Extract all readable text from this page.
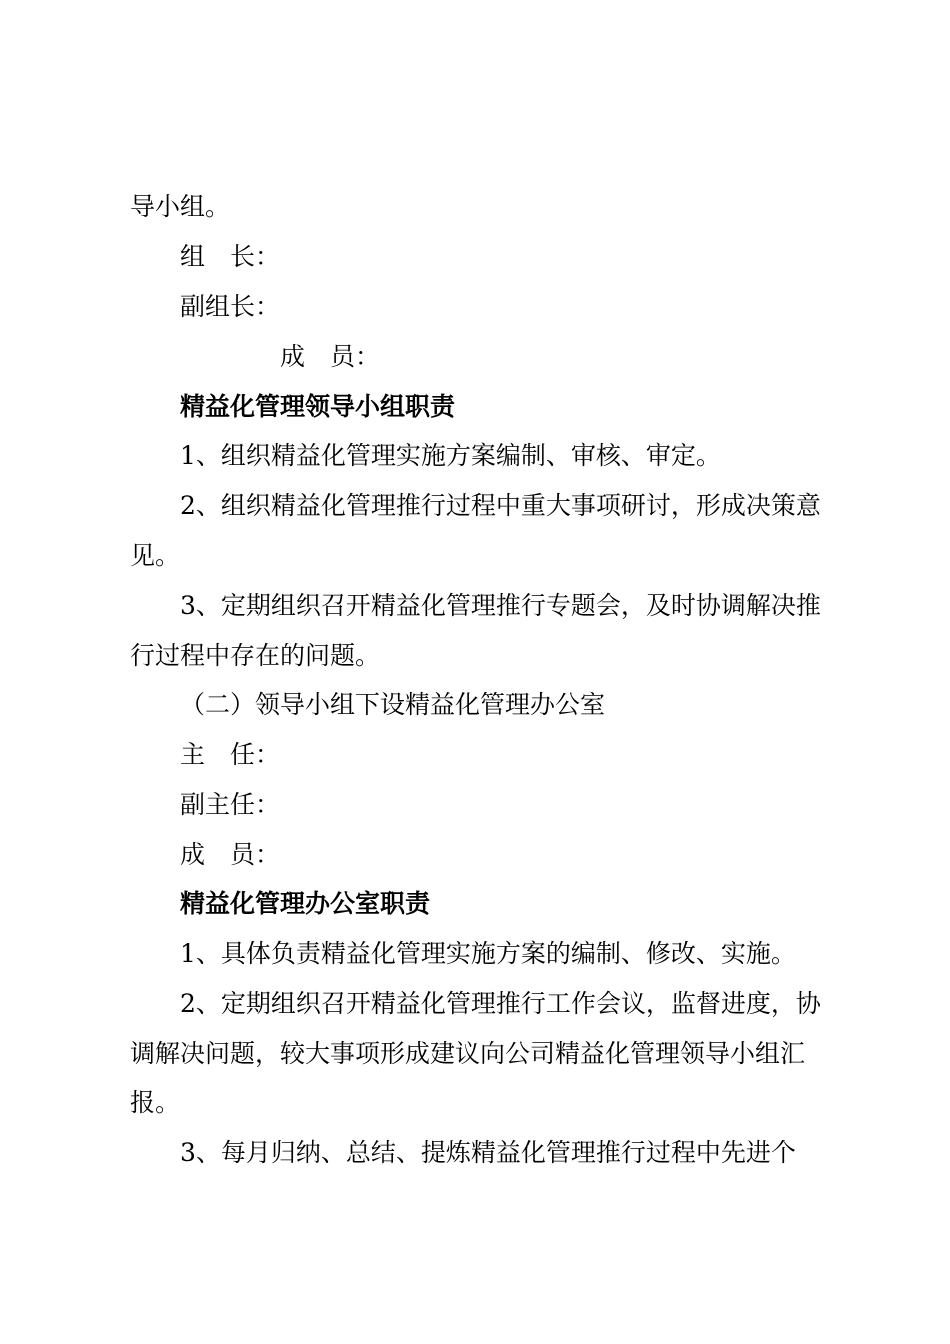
导小组。
组　长：
副组长：
成　员：
精益化管理领导小组职责
1、组织精益化管理实施方案编制、审核、审定。
2、组织精益化管理推行过程中重大事项研讨，形成决策意
见。
3、定期组织召开精益化管理推行专题会，及时协调解决推
行过程中存在的问题。
（二）领导小组下设精益化管理办公室
主　任：
副主任：
成　员：
精益化管理办公室职责
1、具体负责精益化管理实施方案的编制、修改、实施。
2、定期组织召开精益化管理推行工作会议，监督进度，协
调解决问题，较大事项形成建议向公司精益化管理领导小组汇
报。
3、每月归纳、总结、提炼精益化管理推行过程中先进个
